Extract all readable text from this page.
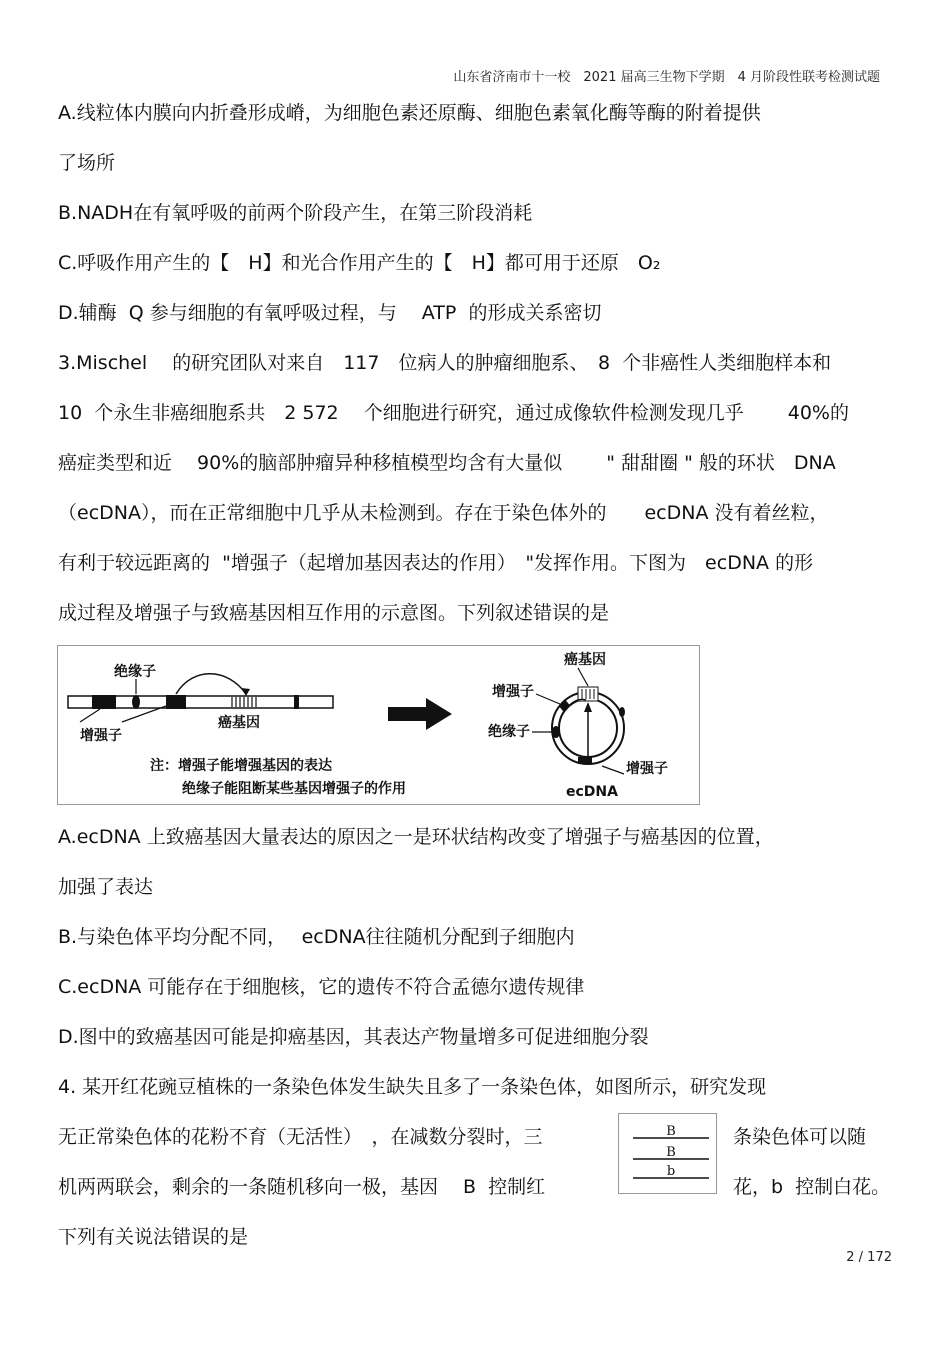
山东省济南市十一校　2021 届高三生物下学期　4 月阶段性联考检测试题
A.线粒体内膜向内折叠形成嵴，为细胞色素还原酶、细胞色素氧化酶等酶的附着提供
了场所
B.NADH在有氧呼吸的前两个阶段产生，在第三阶段消耗
C.呼吸作用产生的【　H】和光合作用产生的【　H】都可用于还原　O₂
D.辅酶  Q 参与细胞的有氧呼吸过程，与　 ATP  的形成关系密切
3.Mischel　 的研究团队对来自　117　位病人的肿瘤细胞系、　8  个非癌性人类细胞样本和
10  个永生非癌细胞系共　2 572　 个细胞进行研究，通过成像软件检测发现几乎　　 40%的
癌症类型和近　 90%的脑部肿瘤异种移植模型均含有大量似　　 " 甜甜圈 " 般的环状　DNA
（ecDNA），而在正常细胞中几乎从未检测到。存在于染色体外的　　ecDNA 没有着丝粒，
有利于较远距离的  "增强子（起增加基因表达的作用）　"发挥作用。下图为　ecDNA 的形
成过程及增强子与致癌基因相互作用的示意图。下列叙述错误的是
绝缘子
增强子
癌基因
注：增强子能增强基因的表达
绝缘子能阻断某些基因增强子的作用
癌基因
增强子
绝缘子
增强子
ecDNA
A.ecDNA 上致癌基因大量表达的原因之一是环状结构改变了增强子与癌基因的位置，
加强了表达
B.与染色体平均分配不同，　 ecDNA往往随机分配到子细胞内
C.ecDNA 可能存在于细胞核，它的遗传不符合孟德尔遗传规律
D.图中的致癌基因可能是抑癌基因，其表达产物量增多可促进细胞分裂
4. 某开红花豌豆植株的一条染色体发生缺失且多了一条染色体，如图所示，研究发现
无正常染色体的花粉不育（无活性）　，在减数分裂时，三	条染色体可以随
机两两联会，剩余的一条随机移向一极，基因　 B  控制红	花，b  控制白花。
下列有关说法错误的是
B
B
b
2 / 172
